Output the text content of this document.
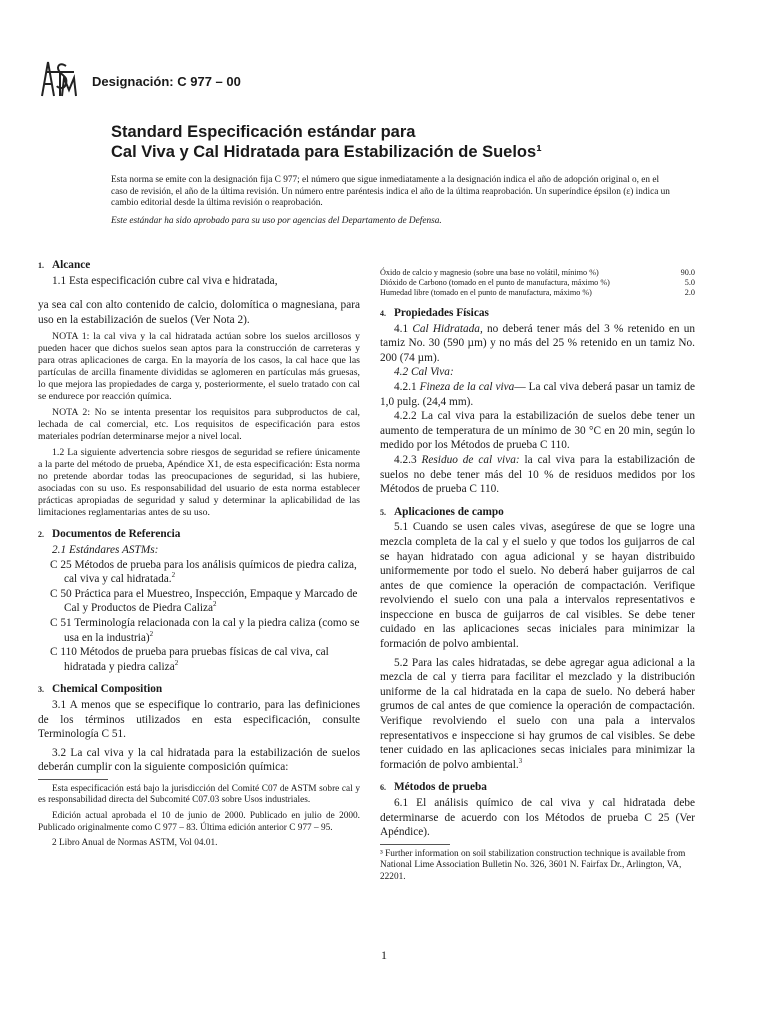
Designación: C 977 – 00
Standard Especificación estándar para
Cal Viva y Cal Hidratada para Estabilización de Suelos¹
Esta norma se emite con la designación fija C 977; el número que sigue inmediatamente a la designación indica el año de adopción original o, en el caso de revisión, el año de la última revisión. Un número entre paréntesis indica el año de la última reaprobación. Un superíndice épsilon (ε) indica un cambio editorial desde la última revisión o reaprobación.
Este estándar ha sido aprobado para su uso por agencias del Departamento de Defensa.

1. Alcance

1.1 Esta especificación cubre cal viva e hidratada,

ya sea cal con alto contenido de calcio, dolomítica o magnesiana, para uso en la estabilización de suelos (Ver Nota 2).

NOTA 1: la cal viva y la cal hidratada actúan sobre los suelos arcillosos y pueden hacer que dichos suelos sean aptos para la construcción de carreteras y para otras aplicaciones de carga. En la mayoría de los casos, la cal hace que las partículas de arcilla finamente divididas se aglomeren en partículas más gruesas, lo que mejora las propiedades de carga y, posteriormente, el suelo tratado con cal se endurece por reacción química.

NOTA 2: No se intenta presentar los requisitos para subproductos de cal, lechada de cal comercial, etc. Los requisitos de especificación para estos materiales podrían determinarse mejor a nivel local.

1.2 La siguiente advertencia sobre riesgos de seguridad se refiere únicamente a la parte del método de prueba, Apéndice X1, de esta especificación: Esta norma no pretende abordar todas las preocupaciones de seguridad, si las hubiere, asociadas con su uso. Es responsabilidad del usuario de esta norma establecer prácticas apropiadas de seguridad y salud y determinar la aplicabilidad de las limitaciones reglamentarias antes de su uso.

2. Documentos de Referencia

2.1 Estándares ASTMs:

C 25 Métodos de prueba para los análisis químicos de piedra caliza, cal viva y cal hidratada.$^2$

C 50 Práctica para el Muestreo, Inspección, Empaque y Marcado de Cal y Productos de Piedra Caliza$^2$

C 51 Terminología relacionada con la cal y la piedra caliza (como se usa en la industria)$^2$

C 110 Métodos de prueba para pruebas físicas de cal viva, cal hidratada y piedra caliza$^2$

3. Chemical Composition

3.1 A menos que se especifique lo contrario, para las definiciones de los términos utilizados en esta especificación, consulte Terminología C 51.

3.2 La cal viva y la cal hidratada para la estabilización de suelos deberán cumplir con la siguiente composición química:

Esta especificación está bajo la jurisdicción del Comité C07 de ASTM sobre cal y es responsabilidad directa del Subcomité C07.03 sobre Usos industriales.

Edición actual aprobada el 10 de junio de 2000. Publicado en julio de 2000. Publicado originalmente como C 977 – 83. Última edición anterior C 977 – 95.

2 Libro Anual de Normas ASTM, Vol 04.01.

Óxido de calcio y magnesio (sobre una base no volátil, mínimo %)	90.0
Dióxido de Carbono (tomado en el punto de manufactura, máximo %)	5.0
Humedad libre (tomado en el punto de manufactura, máximo %)	2.0

4. Propiedades Físicas

4.1 Cal Hidratada, no deberá tener más del 3 % retenido en un tamiz No. 30 (590 µm) y no más del 25 % retenido en un tamiz No. 200 (74 µm).

4.2 Cal Viva:

4.2.1 Fineza de la cal viva— La cal viva deberá pasar un tamiz de 1,0 pulg. (24,4 mm).

4.2.2 La cal viva para la estabilización de suelos debe tener un aumento de temperatura de un mínimo de 30 °C en 20 min, según lo medido por los Métodos de prueba C 110.

4.2.3 Residuo de cal viva: la cal viva para la estabilización de suelos no debe tener más del 10 % de residuos medidos por los Métodos de prueba C 110.

5. Aplicaciones de campo

5.1 Cuando se usen cales vivas, asegúrese de que se logre una mezcla completa de la cal y el suelo y que todos los guijarros de cal se hayan hidratado con agua adicional y se hayan distribuido uniformemente por todo el suelo. No deberá haber guijarros de cal antes de que comience la operación de compactación. Verifique revolviendo el suelo con una pala a intervalos representativos e inspeccione en busca de guijarros de cal visibles. Se debe tener cuidado en las aplicaciones secas iniciales para minimizar la formación de polvo ambiental.

5.2 Para las cales hidratadas, se debe agregar agua adicional a la mezcla de cal y tierra para facilitar el mezclado y la distribución uniforme de la cal hidratada en la capa de suelo. No deberá haber grumos de cal antes de que comience la operación de compactación. Verifique revolviendo el suelo con una pala a intervalos representativos e inspeccione si hay grumos de cal visibles. Se debe tener cuidado en las aplicaciones secas iniciales para minimizar la formación de polvo ambiental.$^3$

6. Métodos de prueba

6.1 El análisis químico de cal viva y cal hidratada debe determinarse de acuerdo con los Métodos de prueba C 25 (Ver Apéndice).

³ Further information on soil stabilization construction technique is available from National Lime Association Bulletin No. 326, 3601 N. Fairfax Dr., Arlington, VA, 22201.

1
